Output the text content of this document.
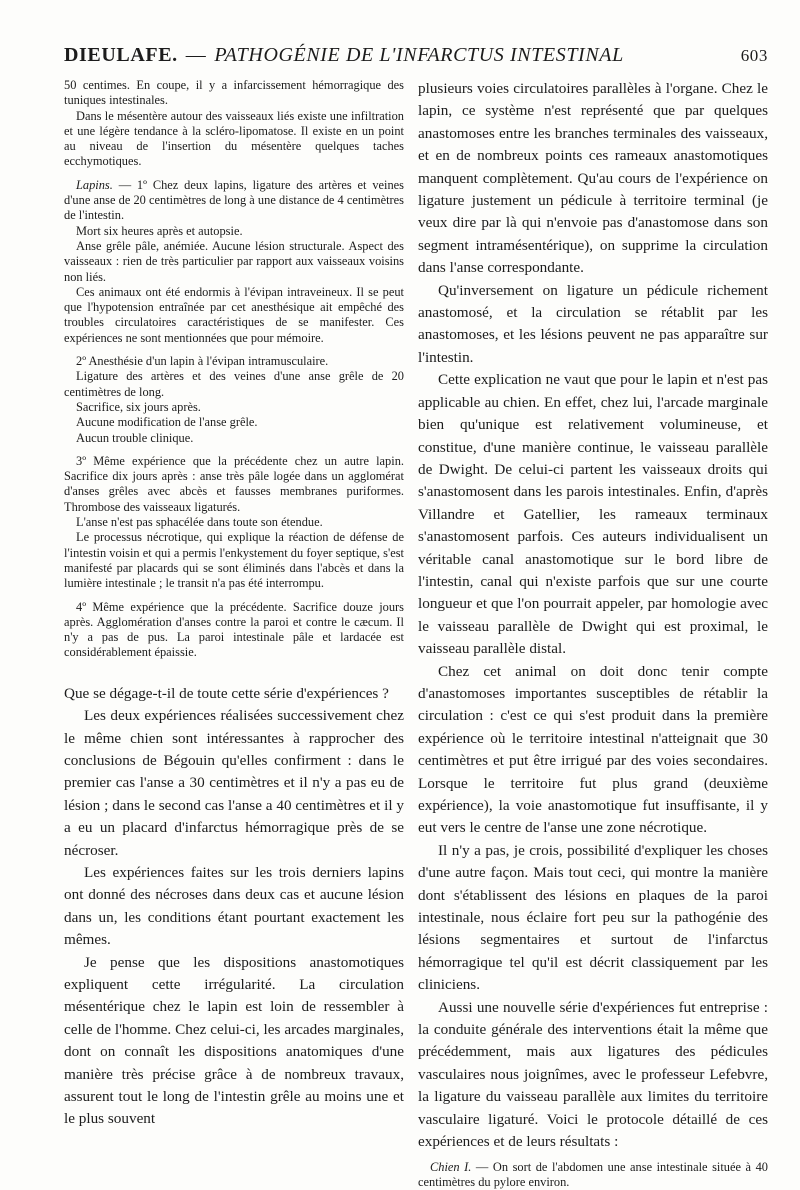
DIEULAFE. — PATHOGÉNIE DE L'INFARCTUS INTESTINAL	603

50 centimes. En coupe, il y a infarcissement hémorragique des tuniques intestinales.

Dans le mésentère autour des vaisseaux liés existe une infiltration et une légère tendance à la scléro-lipomatose. Il existe en un point au niveau de l'insertion du mésentère quelques taches ecchymotiques.

Lapins. — 1º Chez deux lapins, ligature des artères et veines d'une anse de 20 centimètres de long à une distance de 4 centimètres de l'intestin.

Mort six heures après et autopsie.

Anse grêle pâle, anémiée. Aucune lésion structurale. Aspect des vaisseaux : rien de très particulier par rapport aux vaisseaux voisins non liés.

Ces animaux ont été endormis à l'évipan intraveineux. Il se peut que l'hypotension entraînée par cet anesthésique ait empêché des troubles circulatoires caractéristiques de se manifester. Ces expériences ne sont mentionnées que pour mémoire.

2º Anesthésie d'un lapin à l'évipan intramusculaire.

Ligature des artères et des veines d'une anse grêle de 20 centimètres de long.

Sacrifice, six jours après.

Aucune modification de l'anse grêle.

Aucun trouble clinique.

3º Même expérience que la précédente chez un autre lapin. Sacrifice dix jours après : anse très pâle logée dans un agglomérat d'anses grêles avec abcès et fausses membranes puriformes. Thrombose des vaisseaux ligaturés.

L'anse n'est pas sphacélée dans toute son étendue.

Le processus nécrotique, qui explique la réaction de défense de l'intestin voisin et qui a permis l'enkystement du foyer septique, s'est manifesté par placards qui se sont éliminés dans l'abcès et dans la lumière intestinale ; le transit n'a pas été interrompu.

4º Même expérience que la précédente. Sacrifice douze jours après. Agglomération d'anses contre la paroi et contre le cæcum. Il n'y a pas de pus. La paroi intestinale pâle et lardacée est considérablement épaissie.

Que se dégage-t-il de toute cette série d'expériences ?

Les deux expériences réalisées successivement chez le même chien sont intéressantes à rapprocher des conclusions de Bégouin qu'elles confirment : dans le premier cas l'anse a 30 centimètres et il n'y a pas eu de lésion ; dans le second cas l'anse a 40 centimètres et il y a eu un placard d'infarctus hémorragique près de se nécroser.

Les expériences faites sur les trois derniers lapins ont donné des nécroses dans deux cas et aucune lésion dans un, les conditions étant pourtant exactement les mêmes.

Je pense que les dispositions anastomotiques expliquent cette irrégularité. La circulation mésentérique chez le lapin est loin de ressembler à celle de l'homme. Chez celui-ci, les arcades marginales, dont on connaît les dispositions anatomiques d'une manière très précise grâce à de nombreux travaux, assurent tout le long de l'intestin grêle au moins une et le plus souvent

plusieurs voies circulatoires parallèles à l'organe. Chez le lapin, ce système n'est représenté que par quelques anastomoses entre les branches terminales des vaisseaux, et en de nombreux points ces rameaux anastomotiques manquent complètement. Qu'au cours de l'expérience on ligature justement un pédicule à territoire terminal (je veux dire par là qui n'envoie pas d'anastomose dans son segment intramésentérique), on supprime la circulation dans l'anse correspondante.

Qu'inversement on ligature un pédicule richement anastomosé, et la circulation se rétablit par les anastomoses, et les lésions peuvent ne pas apparaître sur l'intestin.

Cette explication ne vaut que pour le lapin et n'est pas applicable au chien. En effet, chez lui, l'arcade marginale bien qu'unique est relativement volumineuse, et constitue, d'une manière continue, le vaisseau parallèle de Dwight. De celui-ci partent les vaisseaux droits qui s'anastomosent dans les parois intestinales. Enfin, d'après Villandre et Gatellier, les rameaux terminaux s'anastomosent parfois. Ces auteurs individualisent un véritable canal anastomotique sur le bord libre de l'intestin, canal qui n'existe parfois que sur une courte longueur et que l'on pourrait appeler, par homologie avec le vaisseau parallèle de Dwight qui est proximal, le vaisseau parallèle distal.

Chez cet animal on doit donc tenir compte d'anastomoses importantes susceptibles de rétablir la circulation : c'est ce qui s'est produit dans la première expérience où le territoire intestinal n'atteignait que 30 centimètres et put être irrigué par des voies secondaires. Lorsque le territoire fut plus grand (deuxième expérience), la voie anastomotique fut insuffisante, il y eut vers le centre de l'anse une zone nécrotique.

Il n'y a pas, je crois, possibilité d'expliquer les choses d'une autre façon. Mais tout ceci, qui montre la manière dont s'établissent des lésions en plaques de la paroi intestinale, nous éclaire fort peu sur la pathogénie des lésions segmentaires et surtout de l'infarctus hémorragique tel qu'il est décrit classiquement par les cliniciens.

Aussi une nouvelle série d'expériences fut entreprise : la conduite générale des interventions était la même que précédemment, mais aux ligatures des pédicules vasculaires nous joignîmes, avec le professeur Lefebvre, la ligature du vaisseau parallèle aux limites du territoire vasculaire ligaturé. Voici le protocole détaillé de ces expériences et de leurs résultats :

Chien I. — On sort de l'abdomen une anse intestinale située à 40 centimètres du pylore environ.
